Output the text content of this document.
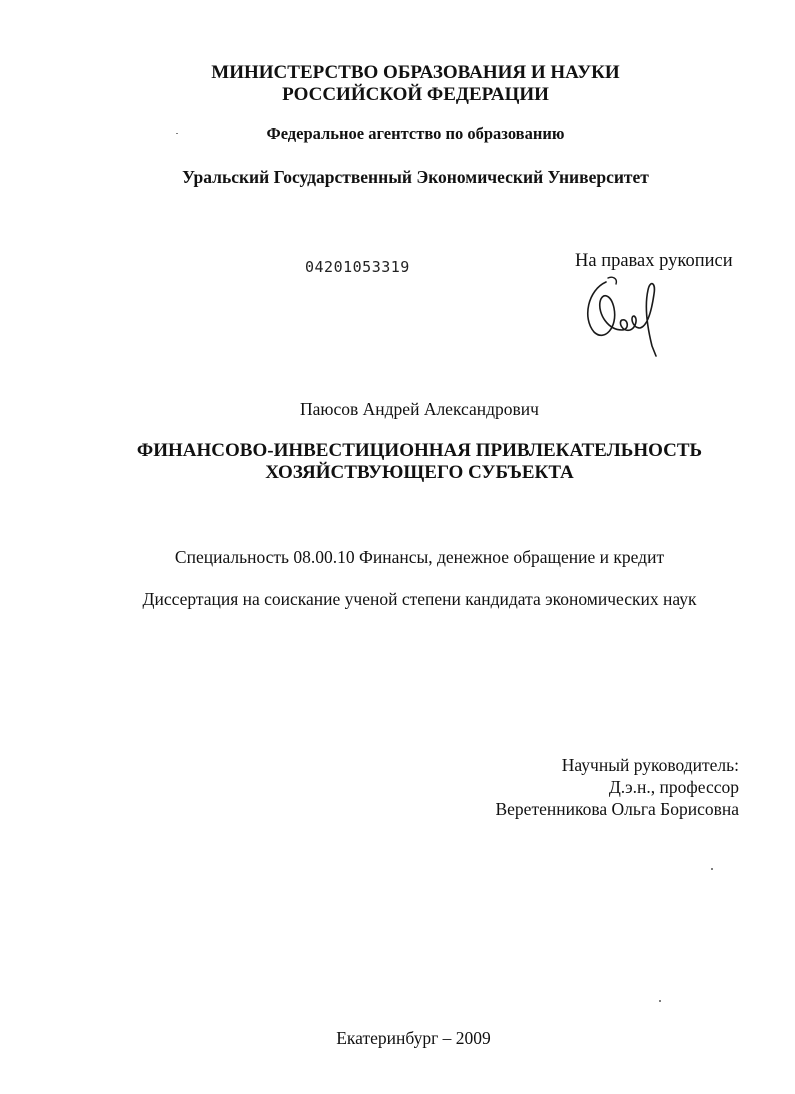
МИНИСТЕРСТВО ОБРАЗОВАНИЯ И НАУКИ
РОССИЙСКОЙ ФЕДЕРАЦИИ
Федеральное агентство по образованию
Уральский Государственный Экономический Университет
04201053319	На правах рукописи
Паюсов Андрей Александрович
ФИНАНСОВО-ИНВЕСТИЦИОННАЯ ПРИВЛЕКАТЕЛЬНОСТЬ
ХОЗЯЙСТВУЮЩЕГО СУБЪЕКТА
Специальность 08.00.10 Финансы, денежное обращение и кредит
Диссертация на соискание ученой степени кандидата экономических наук
Научный руководитель:
Д.э.н., профессор
Веретенникова Ольга Борисовна
Екатеринбург – 2009
